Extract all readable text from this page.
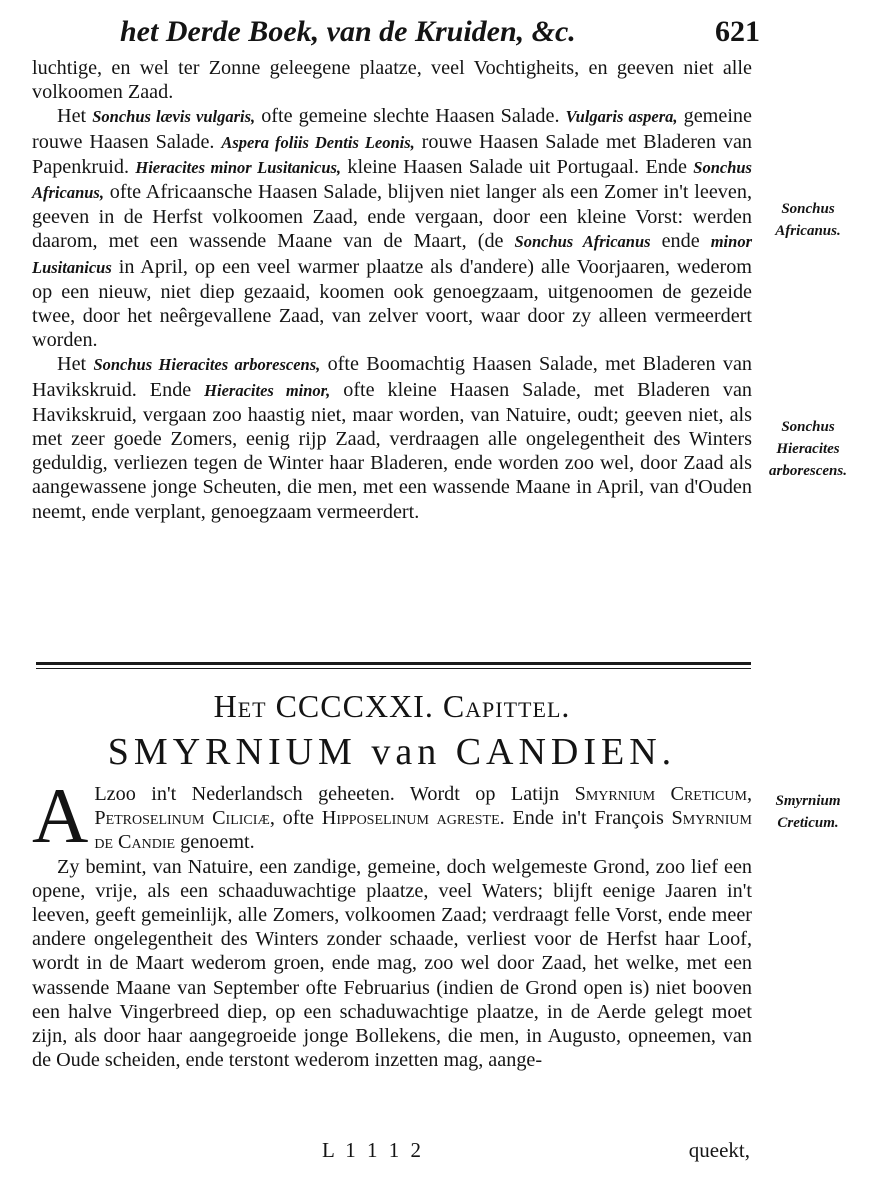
het Derde Boek, van de Kruiden, &c.	621

luchtige, en wel ter Zonne geleegene plaatze, veel Vochtigheits, en geeven niet alle volkoomen Zaad.

Het Sonchus lævis vulgaris, ofte gemeine slechte Haasen Salade. Vulgaris aspera, gemeine rouwe Haasen Salade. Aspera foliis Dentis Leonis, rouwe Haasen Salade met Bladeren van Papenkruid. Hieracites minor Lusitanicus, kleine Haasen Salade uit Portugaal. Ende Sonchus Africanus, ofte Africaansche Haasen Salade, blijven niet langer als een Zomer in't leeven, geeven in de Herfst volkoomen Zaad, ende vergaan, door een kleine Vorst: werden daarom, met een wassende Maane van de Maart, (de Sonchus Africanus ende minor Lusitanicus in April, op een veel warmer plaatze als d'andere) alle Voorjaaren, wederom op een nieuw, niet diep gezaaid, koomen ook genoegzaam, uitgenoomen de gezeide twee, door het neêrgevallene Zaad, van zelver voort, waar door zy alleen vermeerdert worden.

Het Sonchus Hieracites arborescens, ofte Boomachtig Haasen Salade, met Bladeren van Havikskruid. Ende Hieracites minor, ofte kleine Haasen Salade, met Bladeren van Havikskruid, vergaan zoo haastig niet, maar worden, van Natuire, oudt; geeven niet, als met zeer goede Zomers, eenig rijp Zaad, verdraagen alle ongelegentheit des Winters geduldig, verliezen tegen de Winter haar Bladeren, ende worden zoo wel, door Zaad als aangewassene jonge Scheuten, die men, met een wassende Maane in April, van d'Ouden neemt, ende verplant, genoegzaam vermeerdert.

Het CCCCXXI. Capittel.
SMYRNIUM van CANDIEN.

A Lzoo in't Nederlandsch geheeten. Wordt op Latijn Smyrnium Creticum, Petroselinum Ciliciæ, ofte Hipposelinum agreste. Ende in't François Smyrnium de Candie genoemt.

Zy bemint, van Natuire, een zandige, gemeine, doch welgemeste Grond, zoo lief een opene, vrije, als een schaaduwachtige plaatze, veel Waters; blijft eenige Jaaren in't leeven, geeft gemeinlijk, alle Zomers, volkoomen Zaad; verdraagt felle Vorst, ende meer andere ongelegentheit des Winters zonder schaade, verliest voor de Herfst haar Loof, wordt in de Maart wederom groen, ende mag, zoo wel door Zaad, het welke, met een wassende Maane van September ofte Februarius (indien de Grond open is) niet booven een halve Vingerbreed diep, op een schaduwachtige plaatze, in de Aerde gelegt moet zijn, als door haar aangegroeide jonge Bollekens, die men, in Augusto, opneemen, van de Oude scheiden, ende terstont wederom inzetten mag, aange-

Sonchus
Africanus.
Sonchus
Hieracites
arborescens.
Smyrnium
Creticum.
L 1 1 1 2	queekt,
